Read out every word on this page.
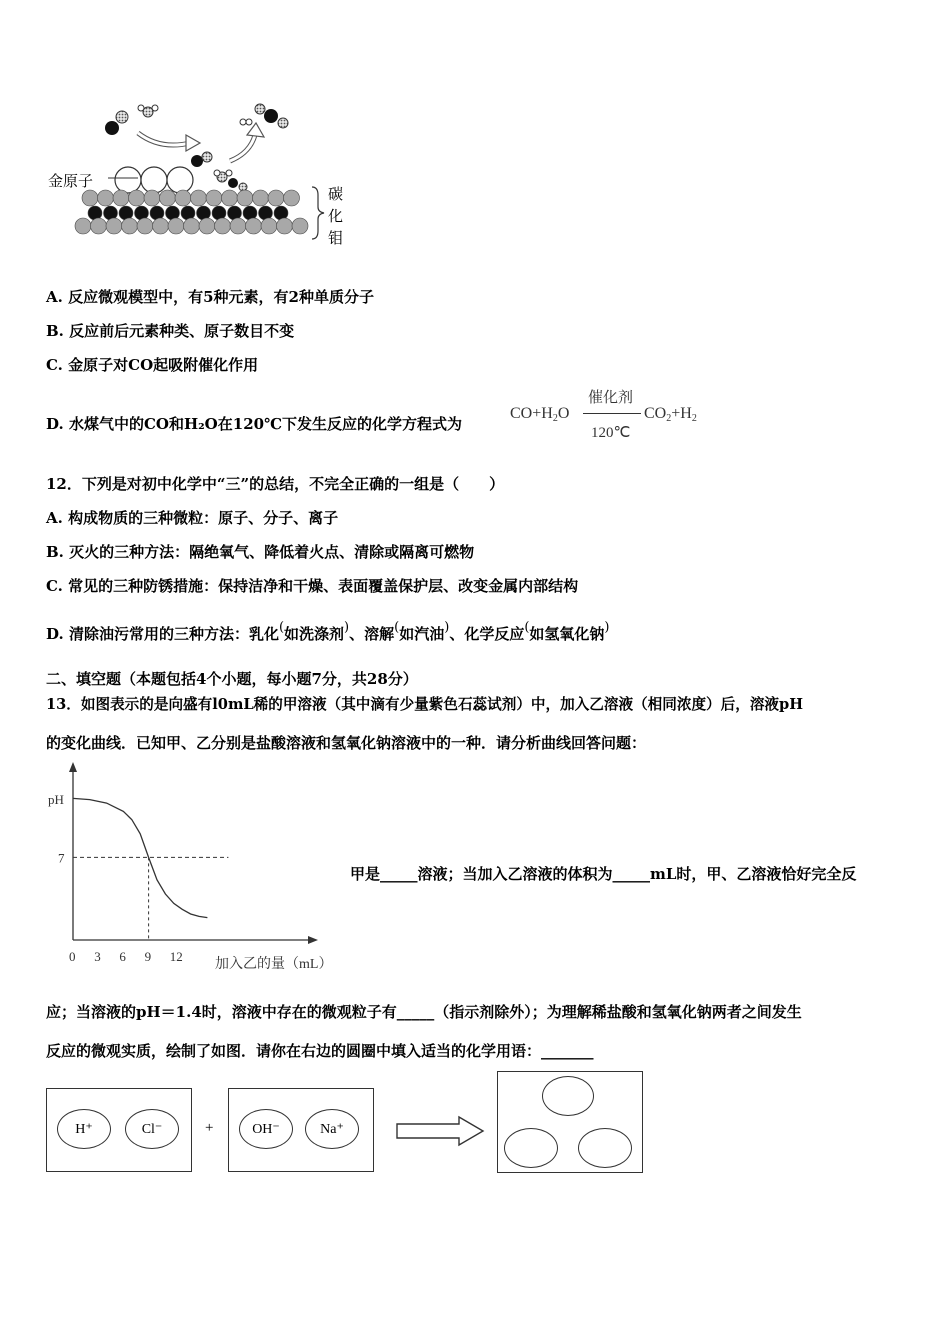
金原子
碳
化
钼
A. 反应微观模型中，有5种元素，有2种单质分子
B. 反应前后元素种类、原子数目不变
C. 金原子对CO起吸附催化作用
D. 水煤气中的CO和H₂O在120℃下发生反应的化学方程式为
$CO+H_2O$
催化剂
120℃
$CO_2+H_2$
12．下列是对初中化学中“三”的总结，不完全正确的一组是（　　）
A. 构成物质的三种微粒：原子、分子、离子
B. 灭火的三种方法：隔绝氧气、降低着火点、清除或隔离可燃物
C. 常见的三种防锈措施：保持洁净和干燥、表面覆盖保护层、改变金属内部结构
D. 清除油污常用的三种方法：乳化(如洗涤剂)、溶解(如汽油)、化学反应(如氢氧化钠)
二、填空题（本题包括4个小题，每小题7分，共28分）
13．如图表示的是向盛有l0mL稀的甲溶液（其中滴有少量紫色石蕊试剂）中，加入乙溶液（相同浓度）后，溶液pH
的变化曲线．已知甲、乙分别是盐酸溶液和氢氧化钠溶液中的一种．请分析曲线回答问题：
pH
加入乙的量（mL）
0 3 6 9 12
7
甲是_____溶液；当加入乙溶液的体积为_____mL时，甲、乙溶液恰好完全反
应；当溶液的pH＝1.4时，溶液中存在的微观粒子有_____（指示剂除外）；为理解稀盐酸和氢氧化钠两者之间发生
反应的微观实质，绘制了如图．请你在右边的圆圈中填入适当的化学用语：_______
H⁺	Cl⁻	+	OH⁻	Na⁺
